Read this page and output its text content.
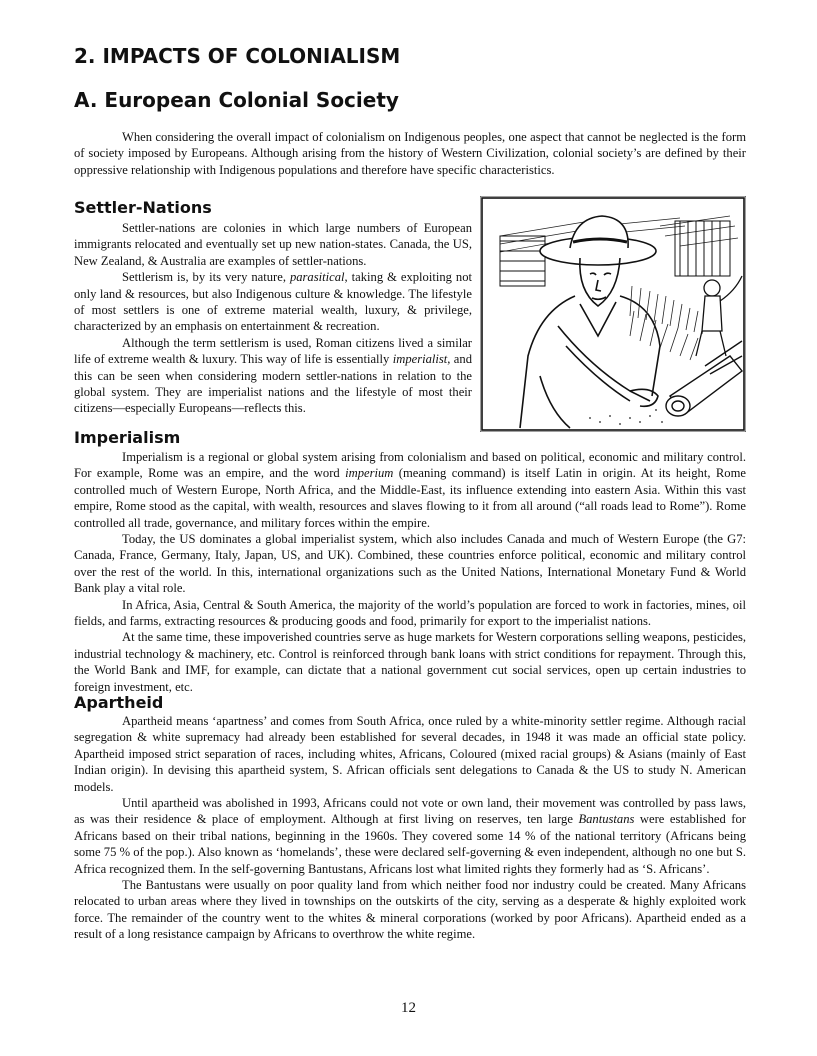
2. IMPACTS OF COLONIALISM
A. European Colonial Society

When considering the overall impact of colonialism on Indigenous peoples, one aspect that cannot be neglected is the form of society imposed by Europeans. Although arising from the history of Western Civilization, colonial society’s are defined by their oppressive relationship with Indigenous populations and therefore have specific characteristics.

Settler-Nations

Settler-nations are colonies in which large numbers of European immigrants relocated and eventually set up new nation-states. Canada, the US, New Zealand, & Australia are examples of settler-nations.

Settlerism is, by its very nature, parasitical, taking & exploiting not only land & resources, but also Indigenous culture & knowledge. The lifestyle of most settlers is one of extreme material wealth, luxury, & privilege, characterized by an emphasis on entertainment & recreation.

Although the term settlerism is used, Roman citizens lived a similar life of extreme wealth & luxury. This way of life is essentially imperialist, and this can be seen when considering modern settler-nations in relation to the global system. They are imperialist nations and the lifestyle of most their citizens—especially Europeans—reflects this.

Imperialism

Imperialism is a regional or global system arising from colonialism and based on political, economic and military control. For example, Rome was an empire, and the word imperium (meaning command) is itself Latin in origin. At its height, Rome controlled much of Western Europe, North Africa, and the Middle-East, its influence extending into eastern Asia. Within this vast empire, Rome stood as the capital, with wealth, resources and slaves flowing to it from all around (“all roads lead to Rome”). Rome controlled all trade, governance, and military forces within the empire.

Today, the US dominates a global imperialist system, which also includes Canada and much of Western Europe (the G7: Canada, France, Germany, Italy, Japan, US, and UK). Combined, these countries enforce political, economic and military control over the rest of the world. In this, international organizations such as the United Nations, International Monetary Fund & World Bank play a vital role.

In Africa, Asia, Central & South America, the majority of the world’s population are forced to work in factories, mines, oil fields, and farms, extracting resources & producing goods and food, primarily for export to the imperialist nations.

At the same time, these impoverished countries serve as huge markets for Western corporations selling weapons, pesticides, industrial technology & machinery, etc. Control is reinforced through bank loans with strict conditions for repayment. Through this, the World Bank and IMF, for example, can dictate that a national government cut social services, open up certain industries to foreign investment, etc.

Apartheid

Apartheid means ‘apartness’ and comes from South Africa, once ruled by a white-minority settler regime. Although racial segregation & white supremacy had already been established for several decades, in 1948 it was made an official state policy. Apartheid imposed strict separation of races, including whites, Africans, Coloured (mixed racial groups) & Asians (mainly of East Indian origin). In devising this apartheid system, S. African officials sent delegations to Canada & the US to study N. American models.

Until apartheid was abolished in 1993, Africans could not vote or own land, their movement was controlled by pass laws, as was their residence & place of employment. Although at first living on reserves, ten large Bantustans were established for Africans based on their tribal nations, beginning in the 1960s. They covered some 14 % of the national territory (Africans being some 75 % of the pop.). Also known as ‘homelands’, these were declared self-governing & even independent, although no one but S. Africa recognized them. In the self-governing Bantustans, Africans lost what limited rights they formerly had as ‘S. Africans’.

The Bantustans were usually on poor quality land from which neither food nor industry could be created. Many Africans relocated to urban areas where they lived in townships on the outskirts of the city, serving as a desperate & highly exploited work force. The remainder of the country went to the whites & mineral corporations (worked by poor Africans). Apartheid ended as a result of a long resistance campaign by Africans to overthrow the white regime.

12
